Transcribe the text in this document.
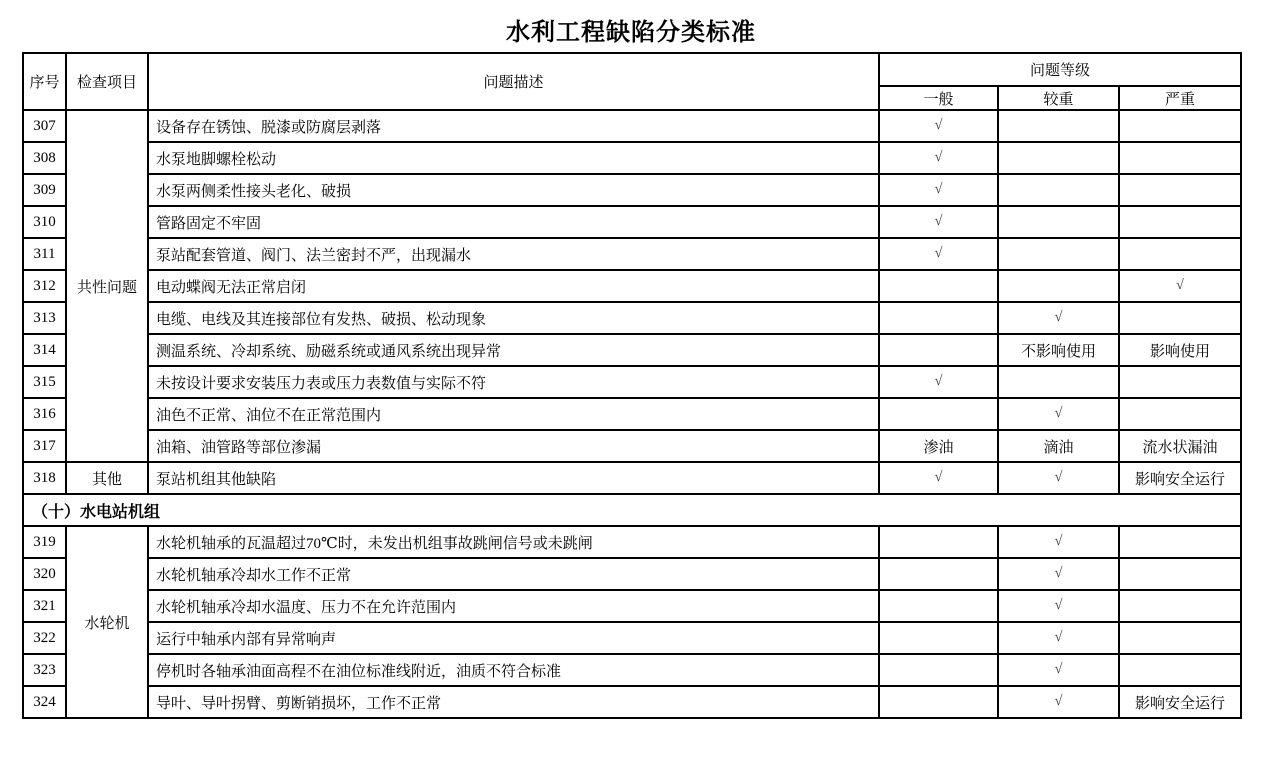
水利工程缺陷分类标准
序号	检查项目	问题描述	问题等级		
			一般	较重	严重
307	共性问题	设备存在锈蚀、脱漆或防腐层剥落	√		
308		水泵地脚螺栓松动	√		
309		水泵两侧柔性接头老化、破损	√		
310		管路固定不牢固	√		
311		泵站配套管道、阀门、法兰密封不严，出现漏水	√		
312		电动蝶阀无法正常启闭			√
313		电缆、电线及其连接部位有发热、破损、松动现象		√	
314		测温系统、冷却系统、励磁系统或通风系统出现异常		不影响使用	影响使用
315		未按设计要求安装压力表或压力表数值与实际不符	√		
316		油色不正常、油位不在正常范围内		√	
317		油箱、油管路等部位渗漏	渗油	滴油	流水状漏油
318	其他	泵站机组其他缺陷	√	√	影响安全运行
（十）水电站机组					
319	水轮机	水轮机轴承的瓦温超过70℃时，未发出机组事故跳闸信号或未跳闸		√	
320		水轮机轴承冷却水工作不正常		√	
321		水轮机轴承冷却水温度、压力不在允许范围内		√	
322		运行中轴承内部有异常响声		√	
323		停机时各轴承油面高程不在油位标准线附近，油质不符合标准		√	
324		导叶、导叶拐臂、剪断销损坏，工作不正常		√	影响安全运行
